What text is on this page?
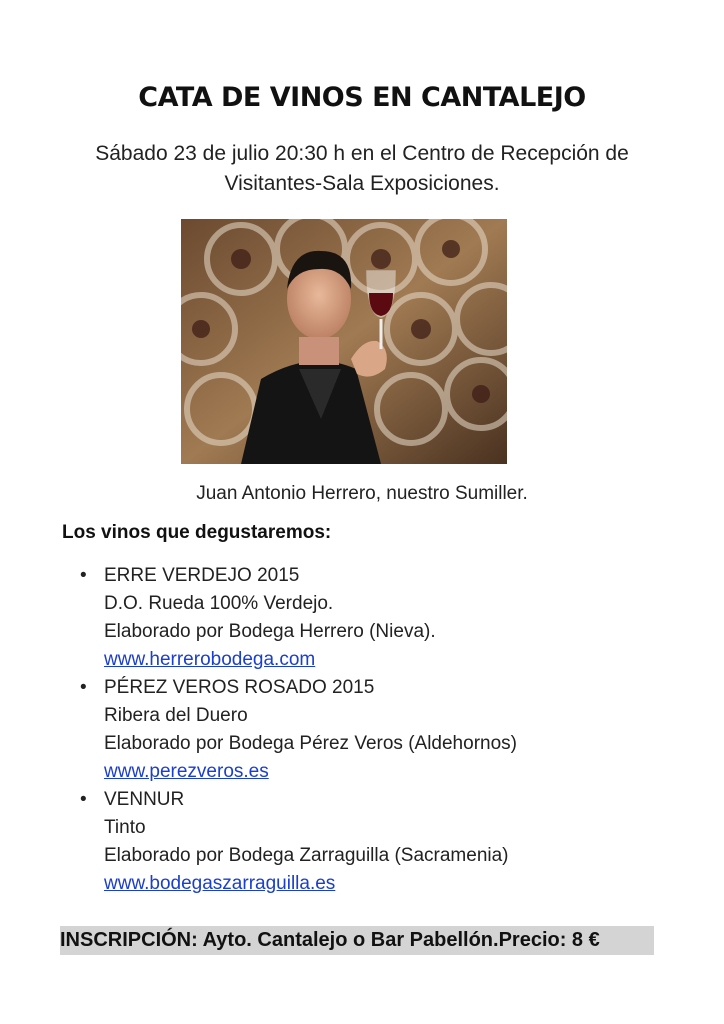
CATA DE VINOS EN CANTALEJO
Sábado 23 de julio 20:30 h en el Centro de Recepción de
Visitantes-Sala Exposiciones.
Juan Antonio Herrero, nuestro Sumiller.
Los vinos que degustaremos:
• ERRE VERDEJO 2015
D.O. Rueda 100% Verdejo.
Elaborado por Bodega Herrero (Nieva).
www.herrerobodega.com
• PÉREZ VEROS ROSADO 2015
Ribera del Duero
Elaborado por Bodega Pérez Veros (Aldehornos)
www.perezveros.es
• VENNUR
Tinto
Elaborado por Bodega Zarraguilla (Sacramenia)
www.bodegaszarraguilla.es
INSCRIPCIÓN: Ayto. Cantalejo o Bar Pabellón.Precio: 8 €
